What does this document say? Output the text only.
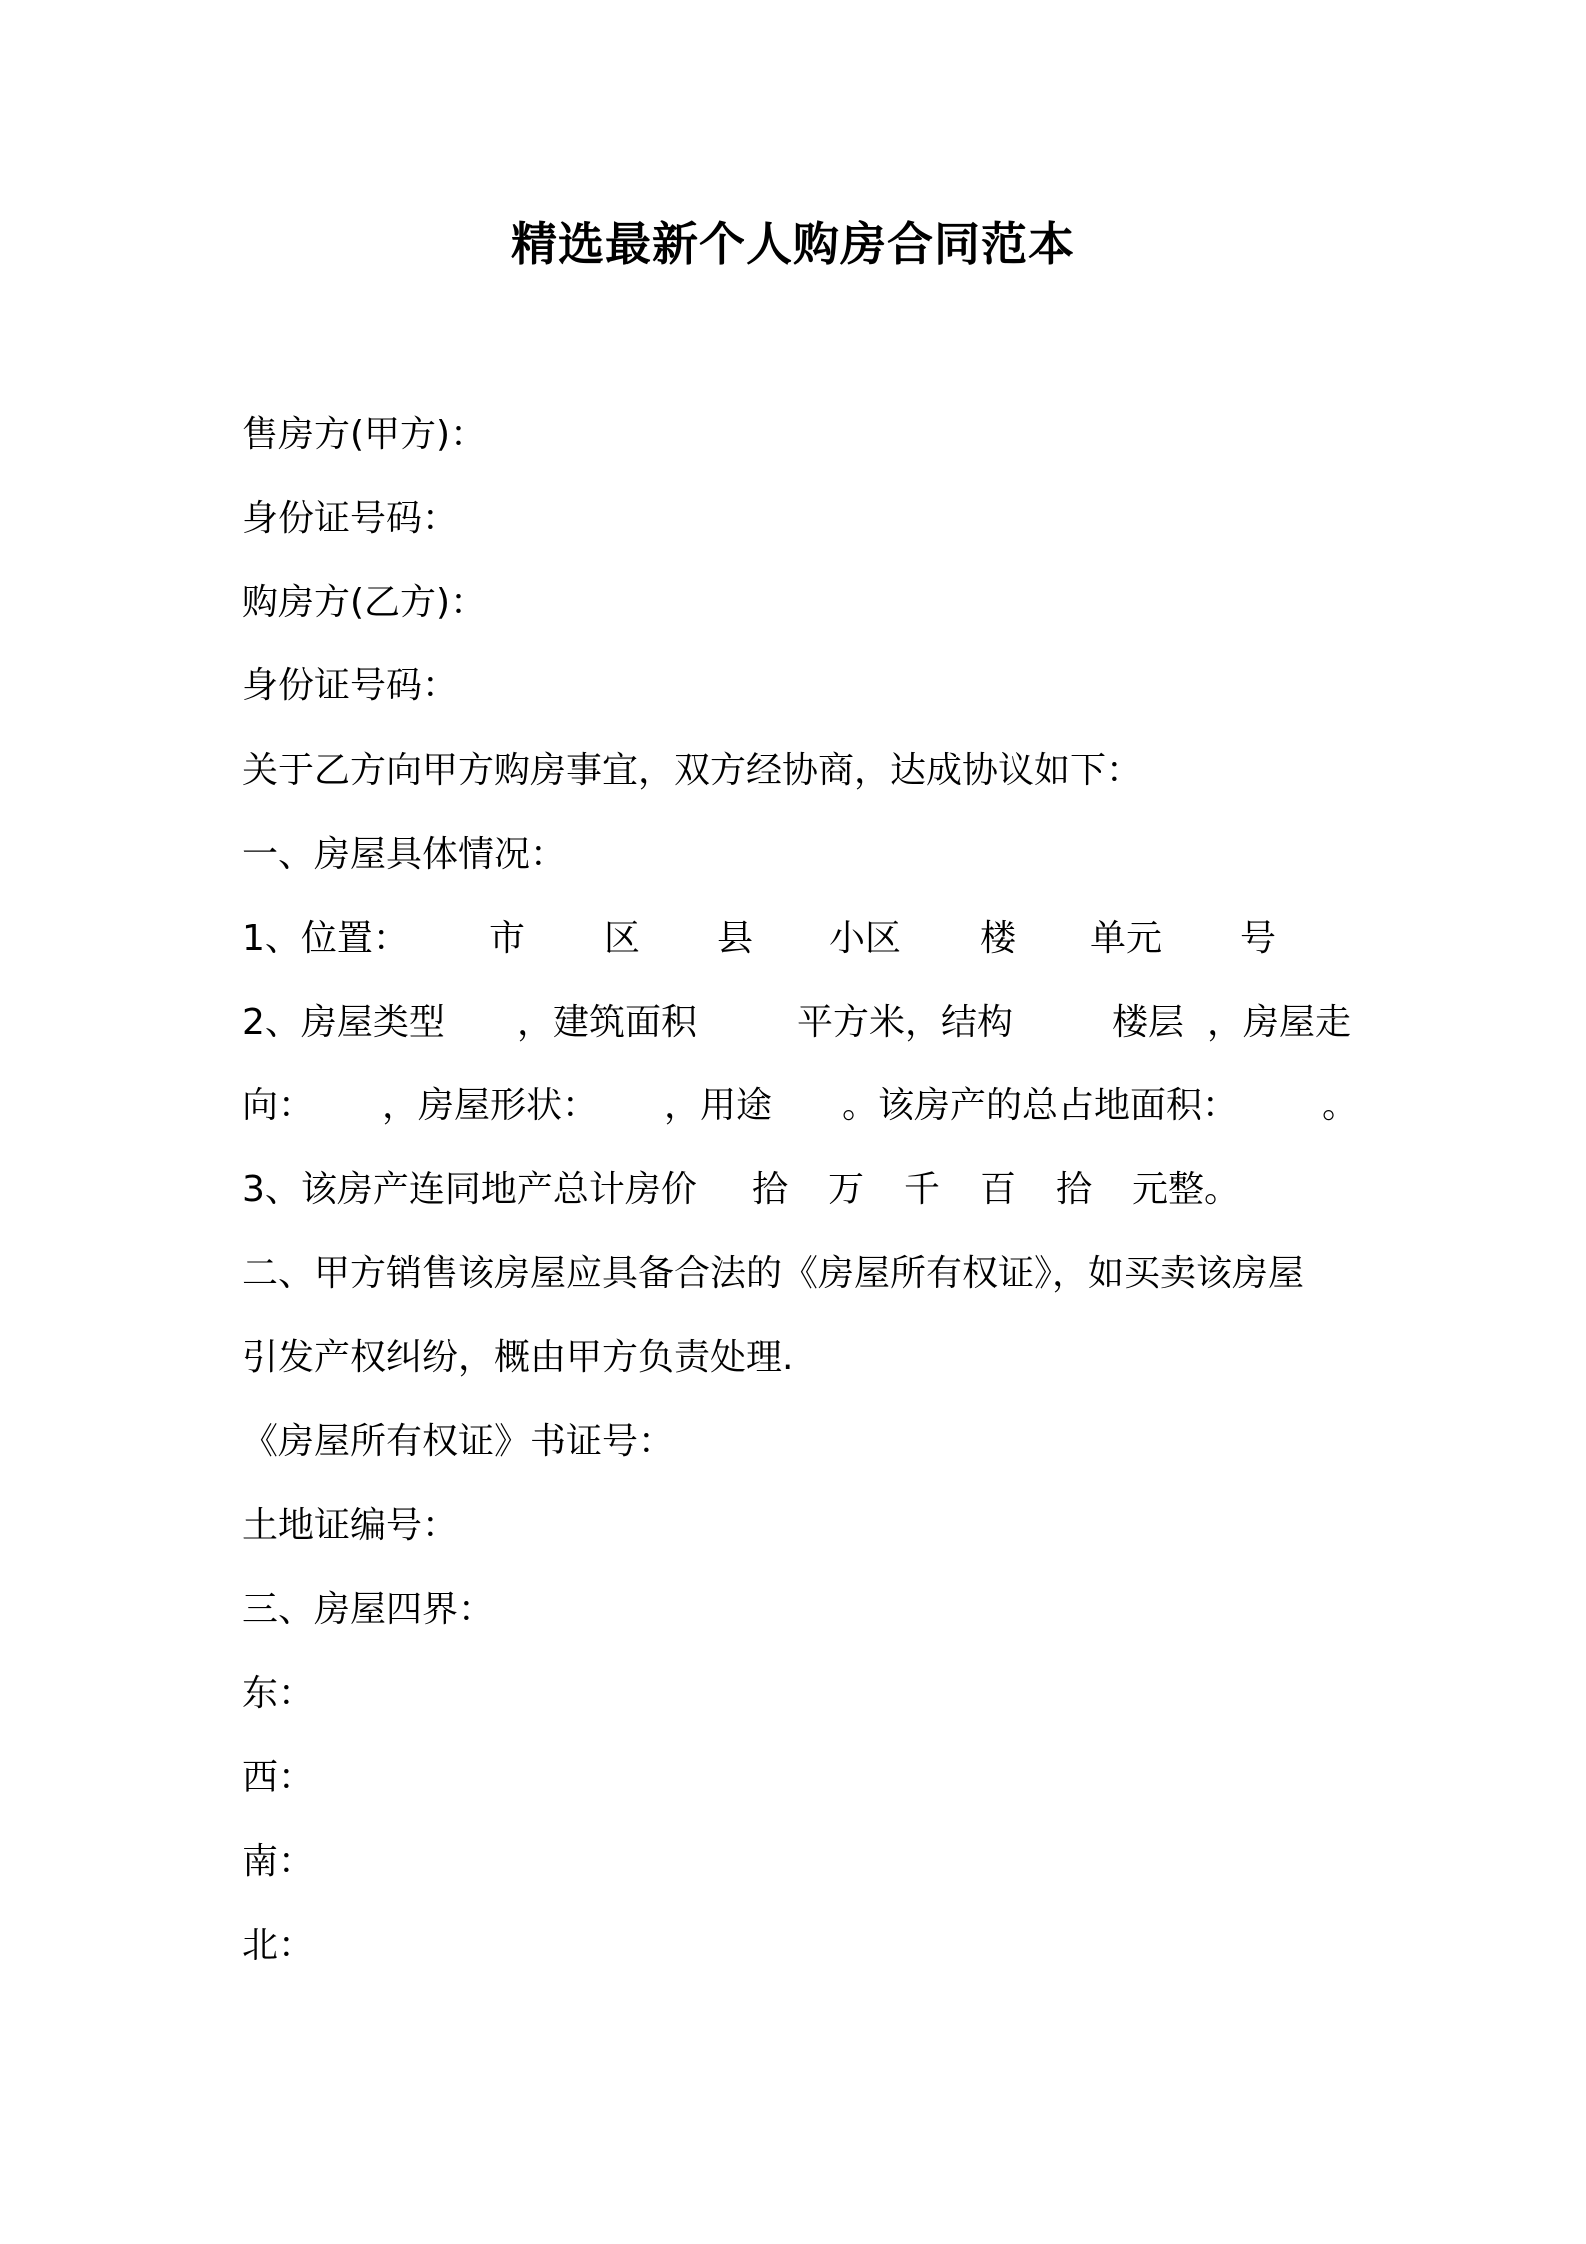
精选最新个人购房合同范本
售房方(甲方)：
身份证号码：
购房方(乙方)：
身份证号码：
关于乙方向甲方购房事宜，双方经协商，达成协议如下：
一、房屋具体情况：
1、位置： 市 区 县 小区 楼 单元 号
2、房屋类型 ，建筑面积	平方米，结构	楼层 ，房屋走
向： ，房屋形状： ，用途 。该房产的总占地面积： 。
3、该房产连同地产总计房价 拾 万 千 百 拾 元整。
二、甲方销售该房屋应具备合法的《房屋所有权证》，如买卖该房屋
引发产权纠纷，概由甲方负责处理.
《房屋所有权证》书证号：
土地证编号：
三、房屋四界：
东：
西：
南：
北：
